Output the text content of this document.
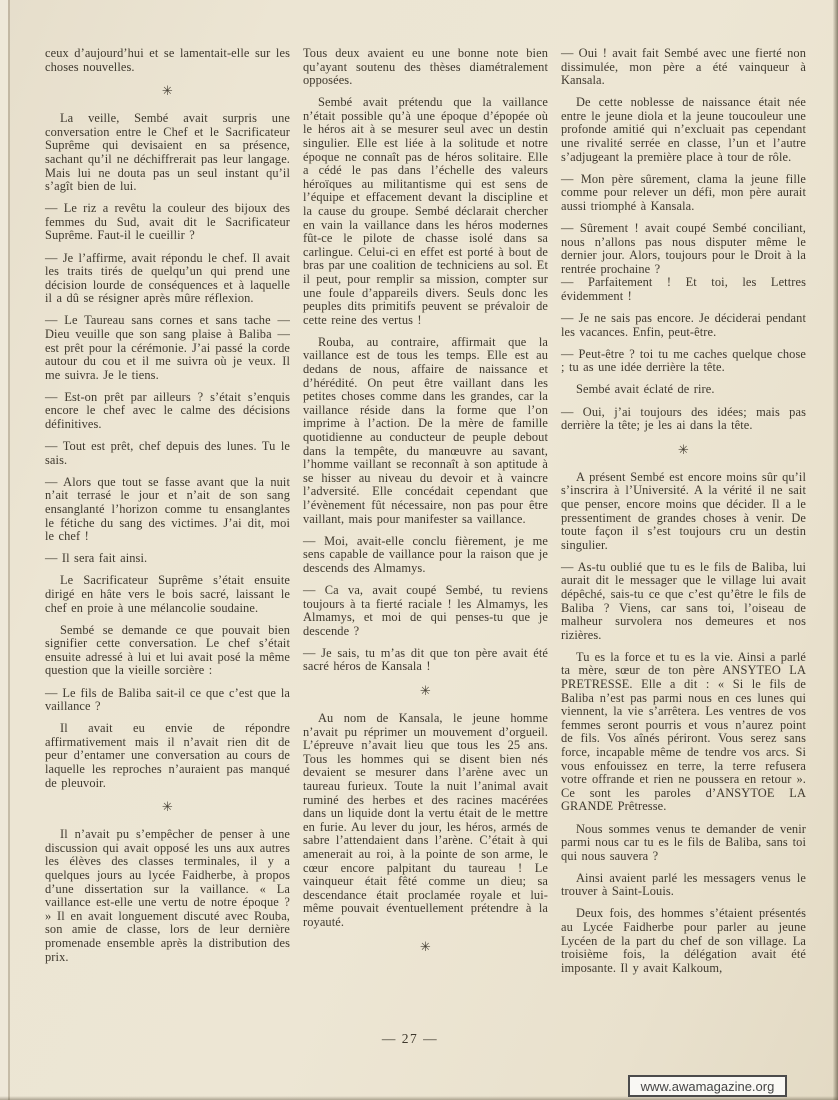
ceux d’aujourd’hui et se lamentait-elle sur les choses nouvelles.

✳

La veille, Sembé avait surpris une conversation entre le Chef et le Sacrificateur Suprême qui devisaient en sa présence, sachant qu’il ne déchiffrerait pas leur langage. Mais lui ne douta pas un seul instant qu’il s’agît bien de lui.

— Le riz a revêtu la couleur des bijoux des femmes du Sud, avait dit le Sacrificateur Suprême. Faut-il le cueillir ?

— Je l’affirme, avait répondu le chef. Il avait les traits tirés de quelqu’un qui prend une décision lourde de conséquences et à laquelle il a dû se résigner après mûre réflexion.

— Le Taureau sans cornes et sans tache — Dieu veuille que son sang plaise à Baliba — est prêt pour la cérémonie. J’ai passé la corde autour du cou et il me suivra où je veux. Il me suivra. Je le tiens.

— Est-on prêt par ailleurs ? s’était s’enquis encore le chef avec le calme des décisions définitives.

— Tout est prêt, chef depuis des lunes. Tu le sais.

— Alors que tout se fasse avant que la nuit n’ait terrasé le jour et n’ait de son sang ensanglanté l’horizon comme tu ensanglantes le fétiche du sang des victimes. J’ai dit, moi le chef !

— Il sera fait ainsi.

Le Sacrificateur Suprême s’était ensuite dirigé en hâte vers le bois sacré, laissant le chef en proie à une mélancolie soudaine.

Sembé se demande ce que pouvait bien signifier cette conversation. Le chef s’était ensuite adressé à lui et lui avait posé la même question que la vieille sorcière :

— Le fils de Baliba sait-il ce que c’est que la vaillance ?

Il avait eu envie de répondre affirmativement mais il n’avait rien dit de peur d’entamer une conversation au cours de laquelle les reproches n’auraient pas manqué de pleuvoir.

✳

Il n’avait pu s’empêcher de penser à une discussion qui avait opposé les uns aux autres les élèves des classes terminales, il y a quelques jours au lycée Faidherbe, à propos d’une dissertation sur la vaillance. « La vaillance est-elle une vertu de notre époque ? » Il en avait longuement discuté avec Rouba, son amie de classe, lors de leur dernière promenade ensemble après la distribution des prix.

Tous deux avaient eu une bonne note bien qu’ayant soutenu des thèses diamétralement opposées.

Sembé avait prétendu que la vaillance n’était possible qu’à une époque d’épopée où le héros ait à se mesurer seul avec un destin singulier. Elle est liée à la solitude et notre époque ne connaît pas de héros solitaire. Elle a cédé le pas dans l’échelle des valeurs héroïques au militantisme qui est sens de l’équipe et effacement devant la discipline et la cause du groupe. Sembé déclarait chercher en vain la vaillance dans les héros modernes fût-ce le pilote de chasse isolé dans sa carlingue. Celui-ci en effet est porté à bout de bras par une coalition de techniciens au sol. Et il peut, pour remplir sa mission, compter sur une foule d’appareils divers. Seuls donc les peuples dits primitifs peuvent se prévaloir de cette reine des vertus !

Rouba, au contraire, affirmait que la vaillance est de tous les temps. Elle est au dedans de nous, affaire de naissance et d’hérédité. On peut être vaillant dans les petites choses comme dans les grandes, car la vaillance réside dans la forme que l’on imprime à l’action. De la mère de famille quotidienne au conducteur de peuple debout dans la tempête, du manœuvre au savant, l’homme vaillant se reconnaît à son aptitude à se hisser au niveau du devoir et à vaincre l’adversité. Elle concédait cependant que l’évènement fût nécessaire, non pas pour être vaillant, mais pour manifester sa vaillance.

— Moi, avait-elle conclu fièrement, je me sens capable de vaillance pour la raison que je descends des Almamys.

— Ca va, avait coupé Sembé, tu reviens toujours à ta fierté raciale ! les Almamys, les Almamys, et moi de qui penses-tu que je descende ?

— Je sais, tu m’as dit que ton père avait été sacré héros de Kansala !

✳

Au nom de Kansala, le jeune homme n’avait pu réprimer un mouvement d’orgueil. L’épreuve n’avait lieu que tous les 25 ans. Tous les hommes qui se disent bien nés devaient se mesurer dans l’arène avec un taureau furieux. Toute la nuit l’animal avait ruminé des herbes et des racines macérées dans un liquide dont la vertu était de le mettre en furie. Au lever du jour, les héros, armés de sabre l’attendaient dans l’arène. C’était à qui amenerait au roi, à la pointe de son arme, le cœur encore palpitant du taureau ! Le vainqueur était fêté comme un dieu; sa descendance était proclamée royale et lui-même pouvait éventuellement prétendre à la royauté.

✳

— Oui ! avait fait Sembé avec une fierté non dissimulée, mon père a été vainqueur à Kansala.

De cette noblesse de naissance était née entre le jeune diola et la jeune toucouleur une profonde amitié qui n’excluait pas cependant une rivalité serrée en classe, l’un et l’autre s’adjugeant la première place à tour de rôle.

— Mon père sûrement, clama la jeune fille comme pour relever un défi, mon père aurait aussi triomphé à Kansala.

— Sûrement ! avait coupé Sembé conciliant, nous n’allons pas nous disputer même le dernier jour. Alors, toujours pour le Droit à la rentrée prochaine ?

— Parfaitement ! Et toi, les Lettres évidemment !

— Je ne sais pas encore. Je déciderai pendant les vacances. Enfin, peut-être.

— Peut-être ? toi tu me caches quelque chose ; tu as une idée derrière la tête.

Sembé avait éclaté de rire.

— Oui, j’ai toujours des idées; mais pas derrière la tête; je les ai dans la tête.

✳

A présent Sembé est encore moins sûr qu’il s’inscrira à l’Université. A la vérité il ne sait que penser, encore moins que décider. Il a le pressentiment de grandes choses à venir. De toute façon il s’est toujours cru un destin singulier.

— As-tu oublié que tu es le fils de Baliba, lui aurait dit le messager que le village lui avait dépêché, sais-tu ce que c’est qu’être le fils de Baliba ? Viens, car sans toi, l’oiseau de malheur survolera nos demeures et nos rizières.

Tu es la force et tu es la vie. Ainsi a parlé ta mère, sœur de ton père ANSYTEO LA PRETRESSE. Elle a dit : « Si le fils de Baliba n’est pas parmi nous en ces lunes qui viennent, la vie s’arrêtera. Les ventres de vos femmes seront pourris et vous n’aurez point de fils. Vos aînés périront. Vous serez sans force, incapable même de tendre vos arcs. Si vous enfouissez en terre, la terre refusera votre offrande et rien ne poussera en retour ». Ce sont les paroles d’ANSYTOE LA GRANDE Prêtresse.

Nous sommes venus te demander de venir parmi nous car tu es le fils de Baliba, sans toi qui nous sauvera ?

Ainsi avaient parlé les messagers venus le trouver à Saint-Louis.

Deux fois, des hommes s’étaient présentés au Lycée Faidherbe pour parler au jeune Lycéen de la part du chef de son village. La troisième fois, la délégation avait été imposante. Il y avait Kalkoum,

— 27 —
www.awamagazine.org
